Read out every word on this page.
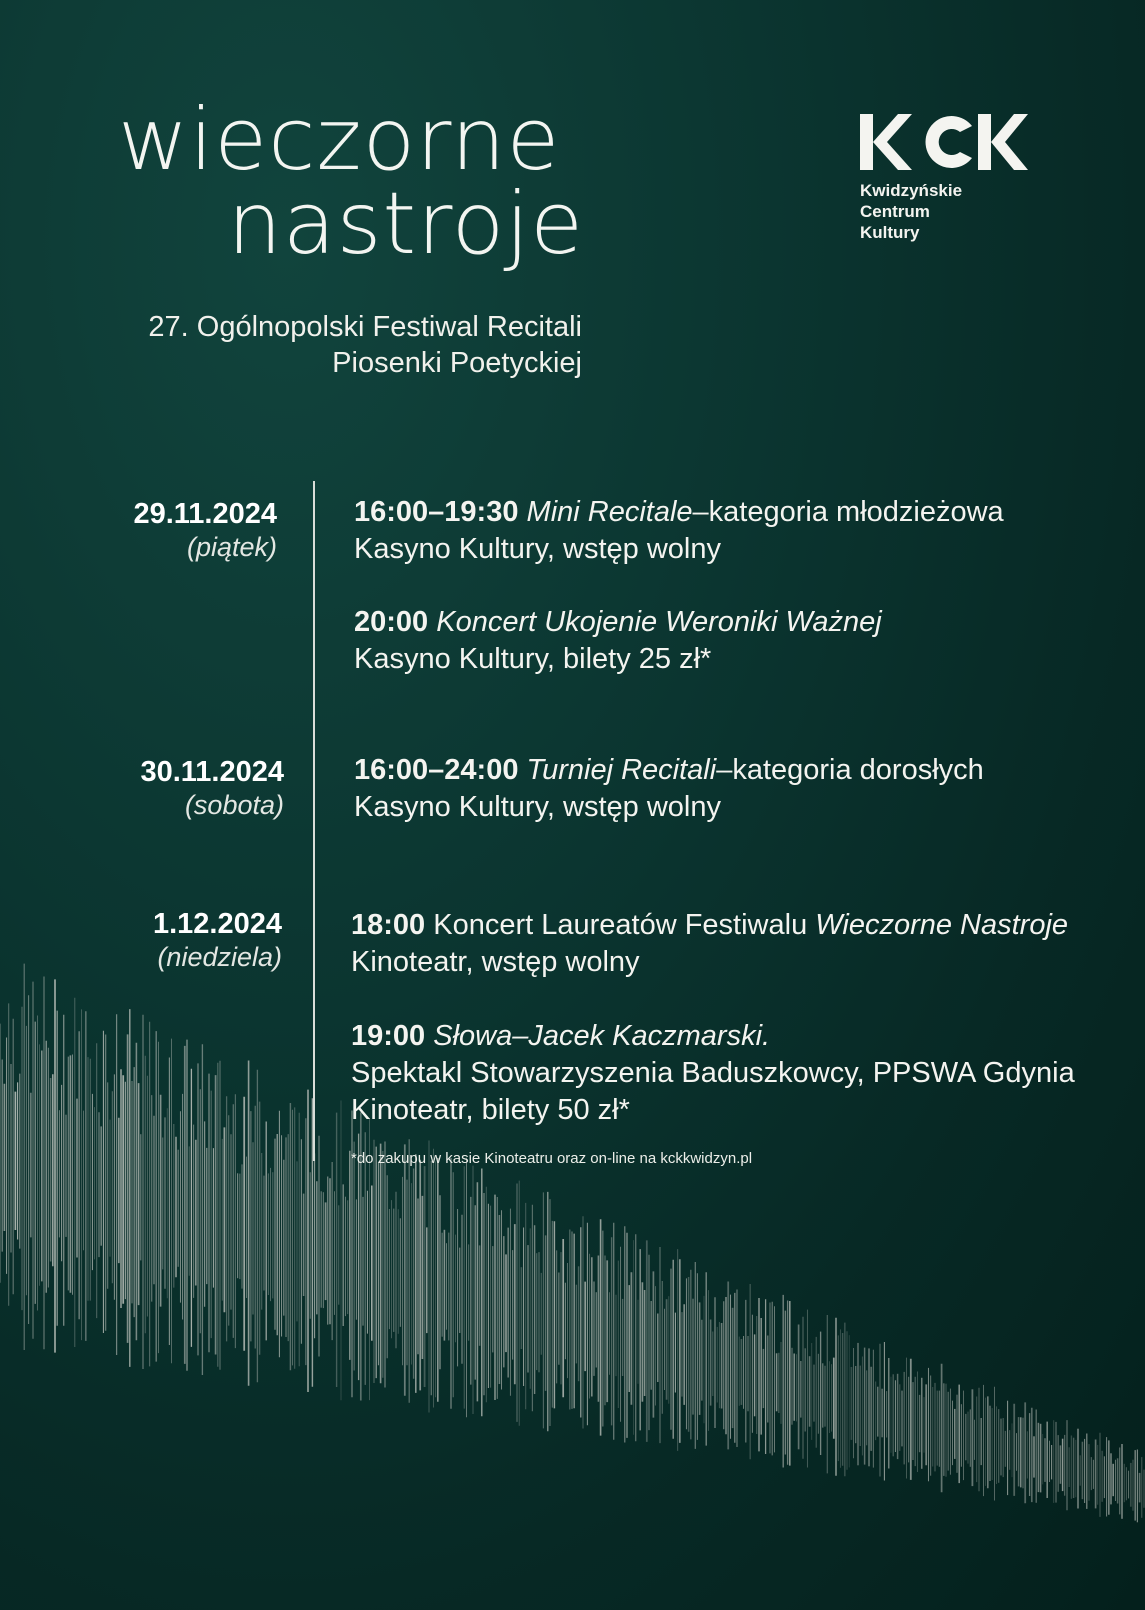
wieczorne
nastroje
27. Ogólnopolski Festiwal Recitali
Piosenki Poetyckiej
Kwidzyńskie
Centrum
Kultury
29.11.2024
(piątek)
30.11.2024
(sobota)
1.12.2024
(niedziela)
16:00–19:30 Mini Recitale–kategoria młodzieżowa
Kasyno Kultury, wstęp wolny
20:00 Koncert Ukojenie Weroniki Ważnej
Kasyno Kultury, bilety 25 zł*
16:00–24:00 Turniej Recitali–kategoria dorosłych
Kasyno Kultury, wstęp wolny
18:00 Koncert Laureatów Festiwalu Wieczorne Nastroje
Kinoteatr, wstęp wolny
19:00 Słowa–Jacek Kaczmarski.
Spektakl Stowarzyszenia Baduszkowcy, PPSWA Gdynia
Kinoteatr, bilety 50 zł*
*do zakupu w kasie Kinoteatru oraz on-line na kckkwidzyn.pl
